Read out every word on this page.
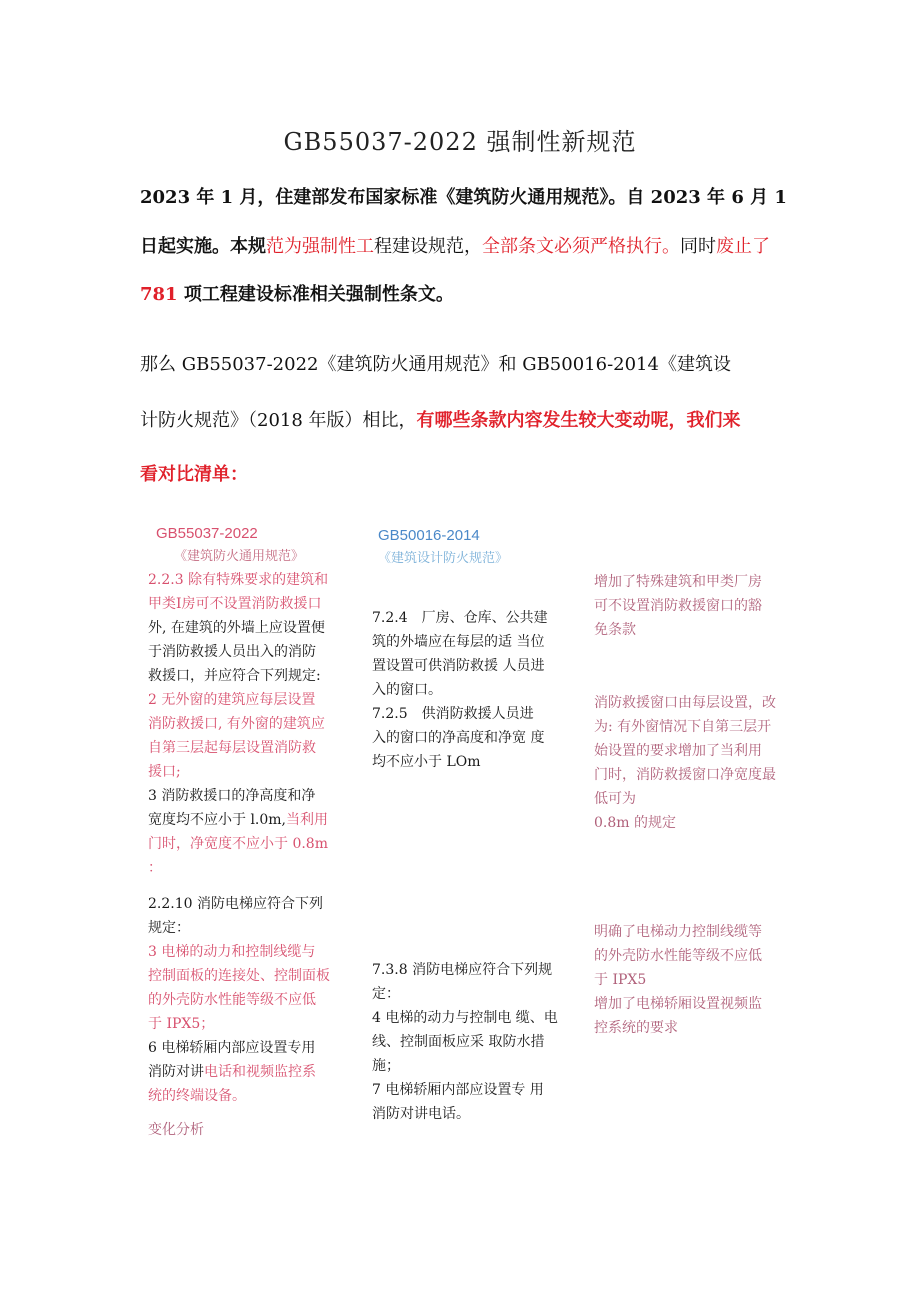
GB55037-2022 强制性新规范
2023 年 1 月，住建部发布国家标准《建筑防火通用规范》。自 2023 年 6 月 1
日起实施。本规范为强制性工程建设规范，全部条文必须严格执行。同时废止了
781 项工程建设标准相关强制性条文。
那么 GB55037-2022《建筑防火通用规范》和 GB50016-2014《建筑设
计防火规范》（2018 年版）相比，有哪些条款内容发生较大变动呢，我们来
看对比清单：
GB55037-2022
《建筑防火通用规范》
2.2.3 除有特殊要求的建筑和
甲类Ⅰ房可不设置消防救援口
外, 在建筑的外墙上应设置便
于消防救援人员出入的消防
救援口，并应符合下列规定:
2 无外窗的建筑应每层设置
消防救援口, 有外窗的建筑应
自第三层起每层设置消防救
援口;
3 消防救援口的净高度和净
宽度均不应小于 l.0m,当利用
门时，净宽度不应小于 0.8m
：
2.2.10 消防电梯应符合下列
规定：
3 电梯的动力和控制线缆与
控制面板的连接处、控制面板
的外壳防水性能等级不应低
于 IPX5；
6 电梯轿厢内部应设置专用
消防对讲电话和视频监控系
统的终端设备。
变化分析
GB50016-2014
《建筑设计防火规范》
7.2.4　厂房、仓库、公共建
筑的外墙应在每层的适 当位
置设置可供消防救援 人员进
入的窗口。
7.2.5　供消防救援人员进
入的窗口的净高度和净宽 度
均不应小于 LOm
7.3.8 消防电梯应符合下列规
定：
4 电梯的动力与控制电 缆、电
线、控制面板应采 取防水措
施；
7 电梯轿厢内部应设置专 用
消防对讲电话。
增加了特殊建筑和甲类厂房
可不设置消防救援窗口的豁
免条款
消防救援窗口由每层设置，改
为: 有外窗情况下自第三层开
始设置的要求增加了当利用
门时，消防救援窗口净宽度最
低可为
0.8m 的规定
明确了电梯动力控制线缆等
的外壳防水性能等级不应低
于 IPX5
增加了电梯轿厢设置视频监
控系统的要求
